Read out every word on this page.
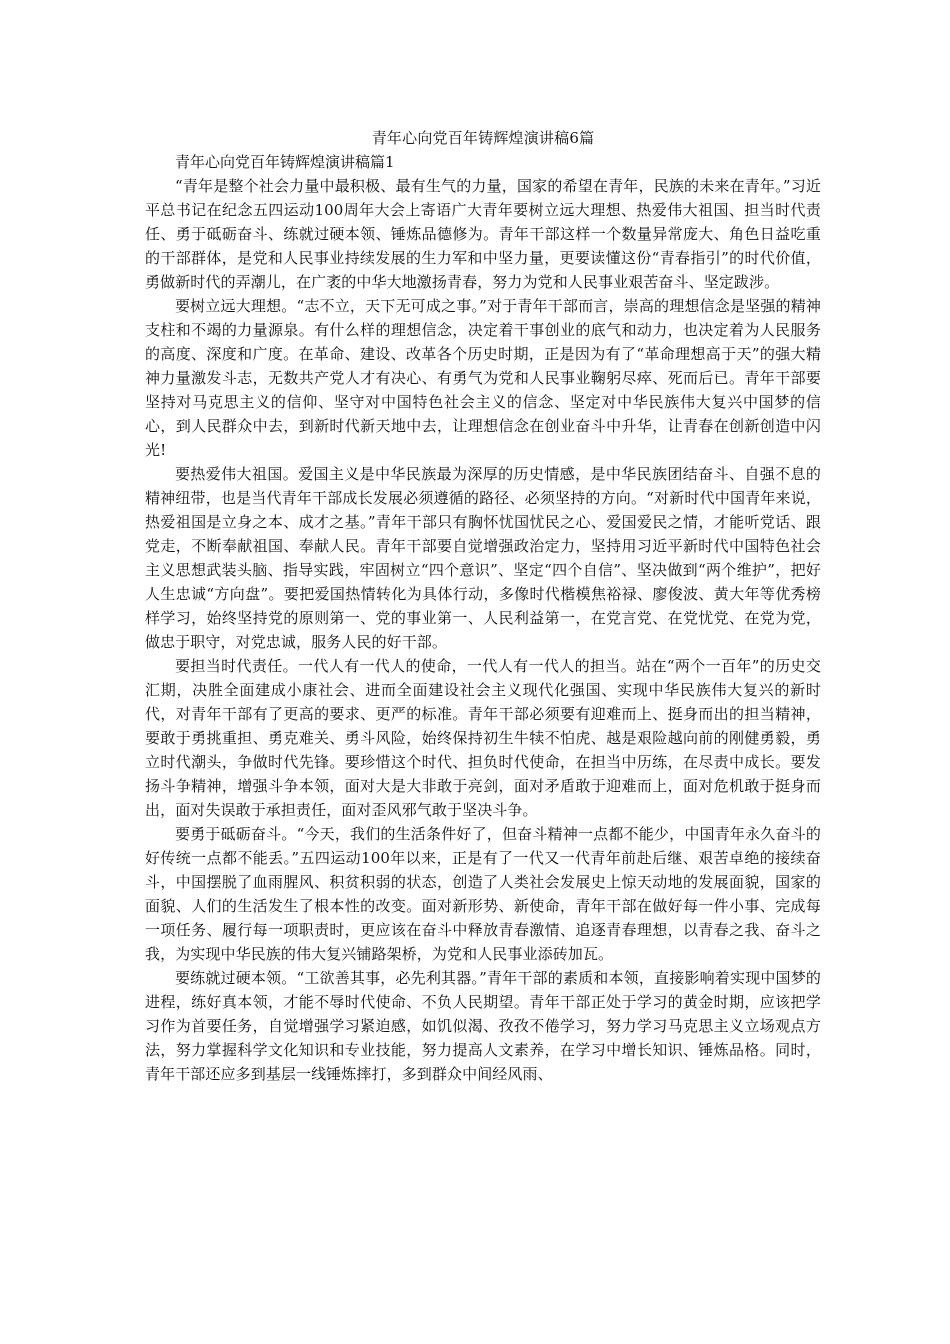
青年心向党百年铸辉煌演讲稿6篇
青年心向党百年铸辉煌演讲稿篇1

“青年是整个社会力量中最积极、最有生气的力量，国家的希望在青年，民族的未来在青年。”习近平总书记在纪念五四运动100周年大会上寄语广大青年要树立远大理想、热爱伟大祖国、担当时代责任、勇于砥砺奋斗、练就过硬本领、锤炼品德修为。青年干部这样一个数量异常庞大、角色日益吃重的干部群体，是党和人民事业持续发展的生力军和中坚力量，更要读懂这份“青春指引”的时代价值，勇做新时代的弄潮儿，在广袤的中华大地激扬青春，努力为党和人民事业艰苦奋斗、坚定跋涉。

要树立远大理想。“志不立，天下无可成之事。”对于青年干部而言，崇高的理想信念是坚强的精神支柱和不竭的力量源泉。有什么样的理想信念，决定着干事创业的底气和动力，也决定着为人民服务的高度、深度和广度。在革命、建设、改革各个历史时期，正是因为有了“革命理想高于天”的强大精神力量激发斗志，无数共产党人才有决心、有勇气为党和人民事业鞠躬尽瘁、死而后已。青年干部要坚持对马克思主义的信仰、坚守对中国特色社会主义的信念、坚定对中华民族伟大复兴中国梦的信心，到人民群众中去，到新时代新天地中去，让理想信念在创业奋斗中升华，让青春在创新创造中闪光!

要热爱伟大祖国。爱国主义是中华民族最为深厚的历史情感，是中华民族团结奋斗、自强不息的精神纽带，也是当代青年干部成长发展必须遵循的路径、必须坚持的方向。“对新时代中国青年来说，热爱祖国是立身之本、成才之基。”青年干部只有胸怀忧国忧民之心、爱国爱民之情，才能听党话、跟党走，不断奉献祖国、奉献人民。青年干部要自觉增强政治定力，坚持用习近平新时代中国特色社会主义思想武装头脑、指导实践，牢固树立“四个意识”、坚定“四个自信”、坚决做到“两个维护”，把好人生忠诚“方向盘”。要把爱国热情转化为具体行动，多像时代楷模焦裕禄、廖俊波、黄大年等优秀榜样学习，始终坚持党的原则第一、党的事业第一、人民利益第一，在党言党、在党忧党、在党为党，做忠于职守，对党忠诚，服务人民的好干部。

要担当时代责任。一代人有一代人的使命，一代人有一代人的担当。站在“两个一百年”的历史交汇期，决胜全面建成小康社会、进而全面建设社会主义现代化强国、实现中华民族伟大复兴的新时代，对青年干部有了更高的要求、更严的标准。青年干部必须要有迎难而上、挺身而出的担当精神，要敢于勇挑重担、勇克难关、勇斗风险，始终保持初生牛犊不怕虎、越是艰险越向前的刚健勇毅，勇立时代潮头，争做时代先锋。要珍惜这个时代、担负时代使命，在担当中历练，在尽责中成长。要发扬斗争精神，增强斗争本领，面对大是大非敢于亮剑，面对矛盾敢于迎难而上，面对危机敢于挺身而出，面对失误敢于承担责任，面对歪风邪气敢于坚决斗争。

要勇于砥砺奋斗。“今天，我们的生活条件好了，但奋斗精神一点都不能少，中国青年永久奋斗的好传统一点都不能丢。”五四运动100年以来，正是有了一代又一代青年前赴后继、艰苦卓绝的接续奋斗，中国摆脱了血雨腥风、积贫积弱的状态，创造了人类社会发展史上惊天动地的发展面貌，国家的面貌、人们的生活发生了根本性的改变。面对新形势、新使命，青年干部在做好每一件小事、完成每一项任务、履行每一项职责时，更应该在奋斗中释放青春激情、追逐青春理想，以青春之我、奋斗之我，为实现中华民族的伟大复兴铺路架桥，为党和人民事业添砖加瓦。

要练就过硬本领。“工欲善其事，必先利其器。”青年干部的素质和本领，直接影响着实现中国梦的进程，练好真本领，才能不辱时代使命、不负人民期望。青年干部正处于学习的黄金时期，应该把学习作为首要任务，自觉增强学习紧迫感，如饥似渴、孜孜不倦学习，努力学习马克思主义立场观点方法，努力掌握科学文化知识和专业技能，努力提高人文素养，在学习中增长知识、锤炼品格。同时，青年干部还应多到基层一线锤炼摔打，多到群众中间经风雨、
